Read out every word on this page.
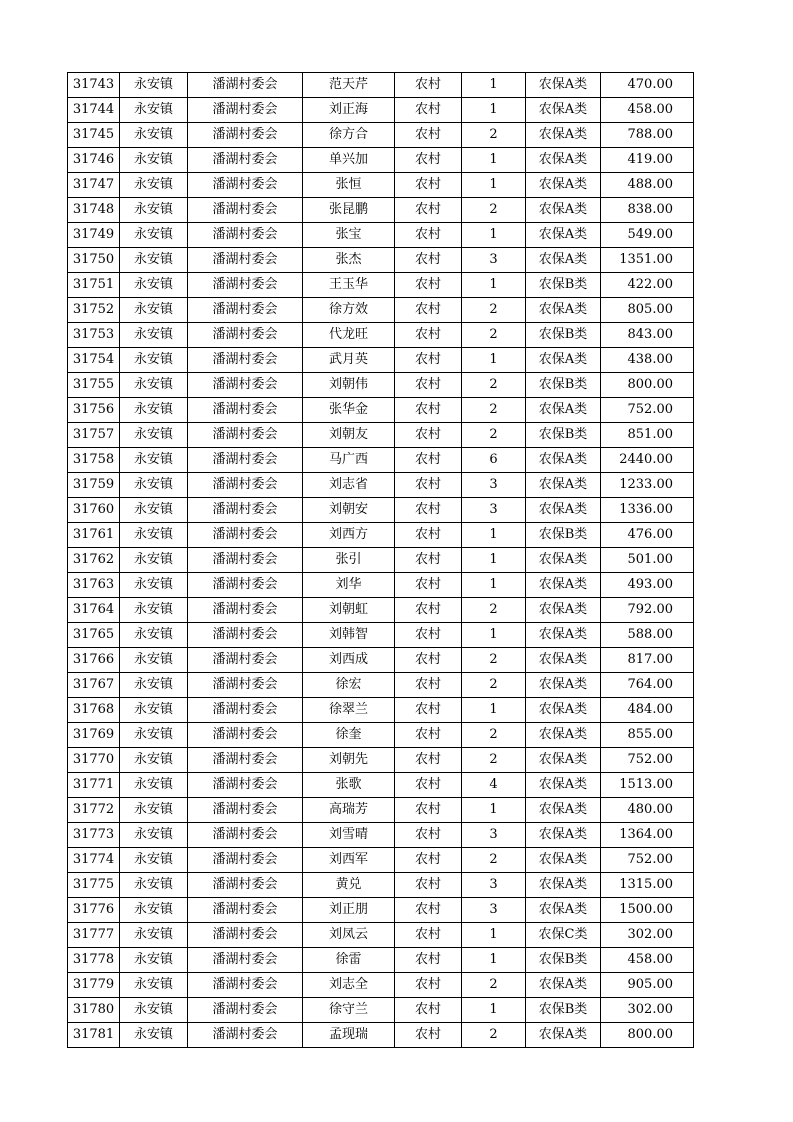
31743	永安镇	潘湖村委会	范天芹	农村	1	农保A类	470.00
31744	永安镇	潘湖村委会	刘正海	农村	1	农保A类	458.00
31745	永安镇	潘湖村委会	徐方合	农村	2	农保A类	788.00
31746	永安镇	潘湖村委会	单兴加	农村	1	农保A类	419.00
31747	永安镇	潘湖村委会	张恒	农村	1	农保A类	488.00
31748	永安镇	潘湖村委会	张昆鹏	农村	2	农保A类	838.00
31749	永安镇	潘湖村委会	张宝	农村	1	农保A类	549.00
31750	永安镇	潘湖村委会	张杰	农村	3	农保A类	1351.00
31751	永安镇	潘湖村委会	王玉华	农村	1	农保B类	422.00
31752	永安镇	潘湖村委会	徐方效	农村	2	农保A类	805.00
31753	永安镇	潘湖村委会	代龙旺	农村	2	农保B类	843.00
31754	永安镇	潘湖村委会	武月英	农村	1	农保A类	438.00
31755	永安镇	潘湖村委会	刘朝伟	农村	2	农保B类	800.00
31756	永安镇	潘湖村委会	张华金	农村	2	农保A类	752.00
31757	永安镇	潘湖村委会	刘朝友	农村	2	农保B类	851.00
31758	永安镇	潘湖村委会	马广西	农村	6	农保A类	2440.00
31759	永安镇	潘湖村委会	刘志省	农村	3	农保A类	1233.00
31760	永安镇	潘湖村委会	刘朝安	农村	3	农保A类	1336.00
31761	永安镇	潘湖村委会	刘西方	农村	1	农保B类	476.00
31762	永安镇	潘湖村委会	张引	农村	1	农保A类	501.00
31763	永安镇	潘湖村委会	刘华	农村	1	农保A类	493.00
31764	永安镇	潘湖村委会	刘朝虹	农村	2	农保A类	792.00
31765	永安镇	潘湖村委会	刘韩智	农村	1	农保A类	588.00
31766	永安镇	潘湖村委会	刘西成	农村	2	农保A类	817.00
31767	永安镇	潘湖村委会	徐宏	农村	2	农保A类	764.00
31768	永安镇	潘湖村委会	徐翠兰	农村	1	农保A类	484.00
31769	永安镇	潘湖村委会	徐奎	农村	2	农保A类	855.00
31770	永安镇	潘湖村委会	刘朝先	农村	2	农保A类	752.00
31771	永安镇	潘湖村委会	张歌	农村	4	农保A类	1513.00
31772	永安镇	潘湖村委会	高瑞芳	农村	1	农保A类	480.00
31773	永安镇	潘湖村委会	刘雪晴	农村	3	农保A类	1364.00
31774	永安镇	潘湖村委会	刘西军	农村	2	农保A类	752.00
31775	永安镇	潘湖村委会	黄兑	农村	3	农保A类	1315.00
31776	永安镇	潘湖村委会	刘正朋	农村	3	农保A类	1500.00
31777	永安镇	潘湖村委会	刘凤云	农村	1	农保C类	302.00
31778	永安镇	潘湖村委会	徐雷	农村	1	农保B类	458.00
31779	永安镇	潘湖村委会	刘志全	农村	2	农保A类	905.00
31780	永安镇	潘湖村委会	徐守兰	农村	1	农保B类	302.00
31781	永安镇	潘湖村委会	孟现瑞	农村	2	农保A类	800.00
